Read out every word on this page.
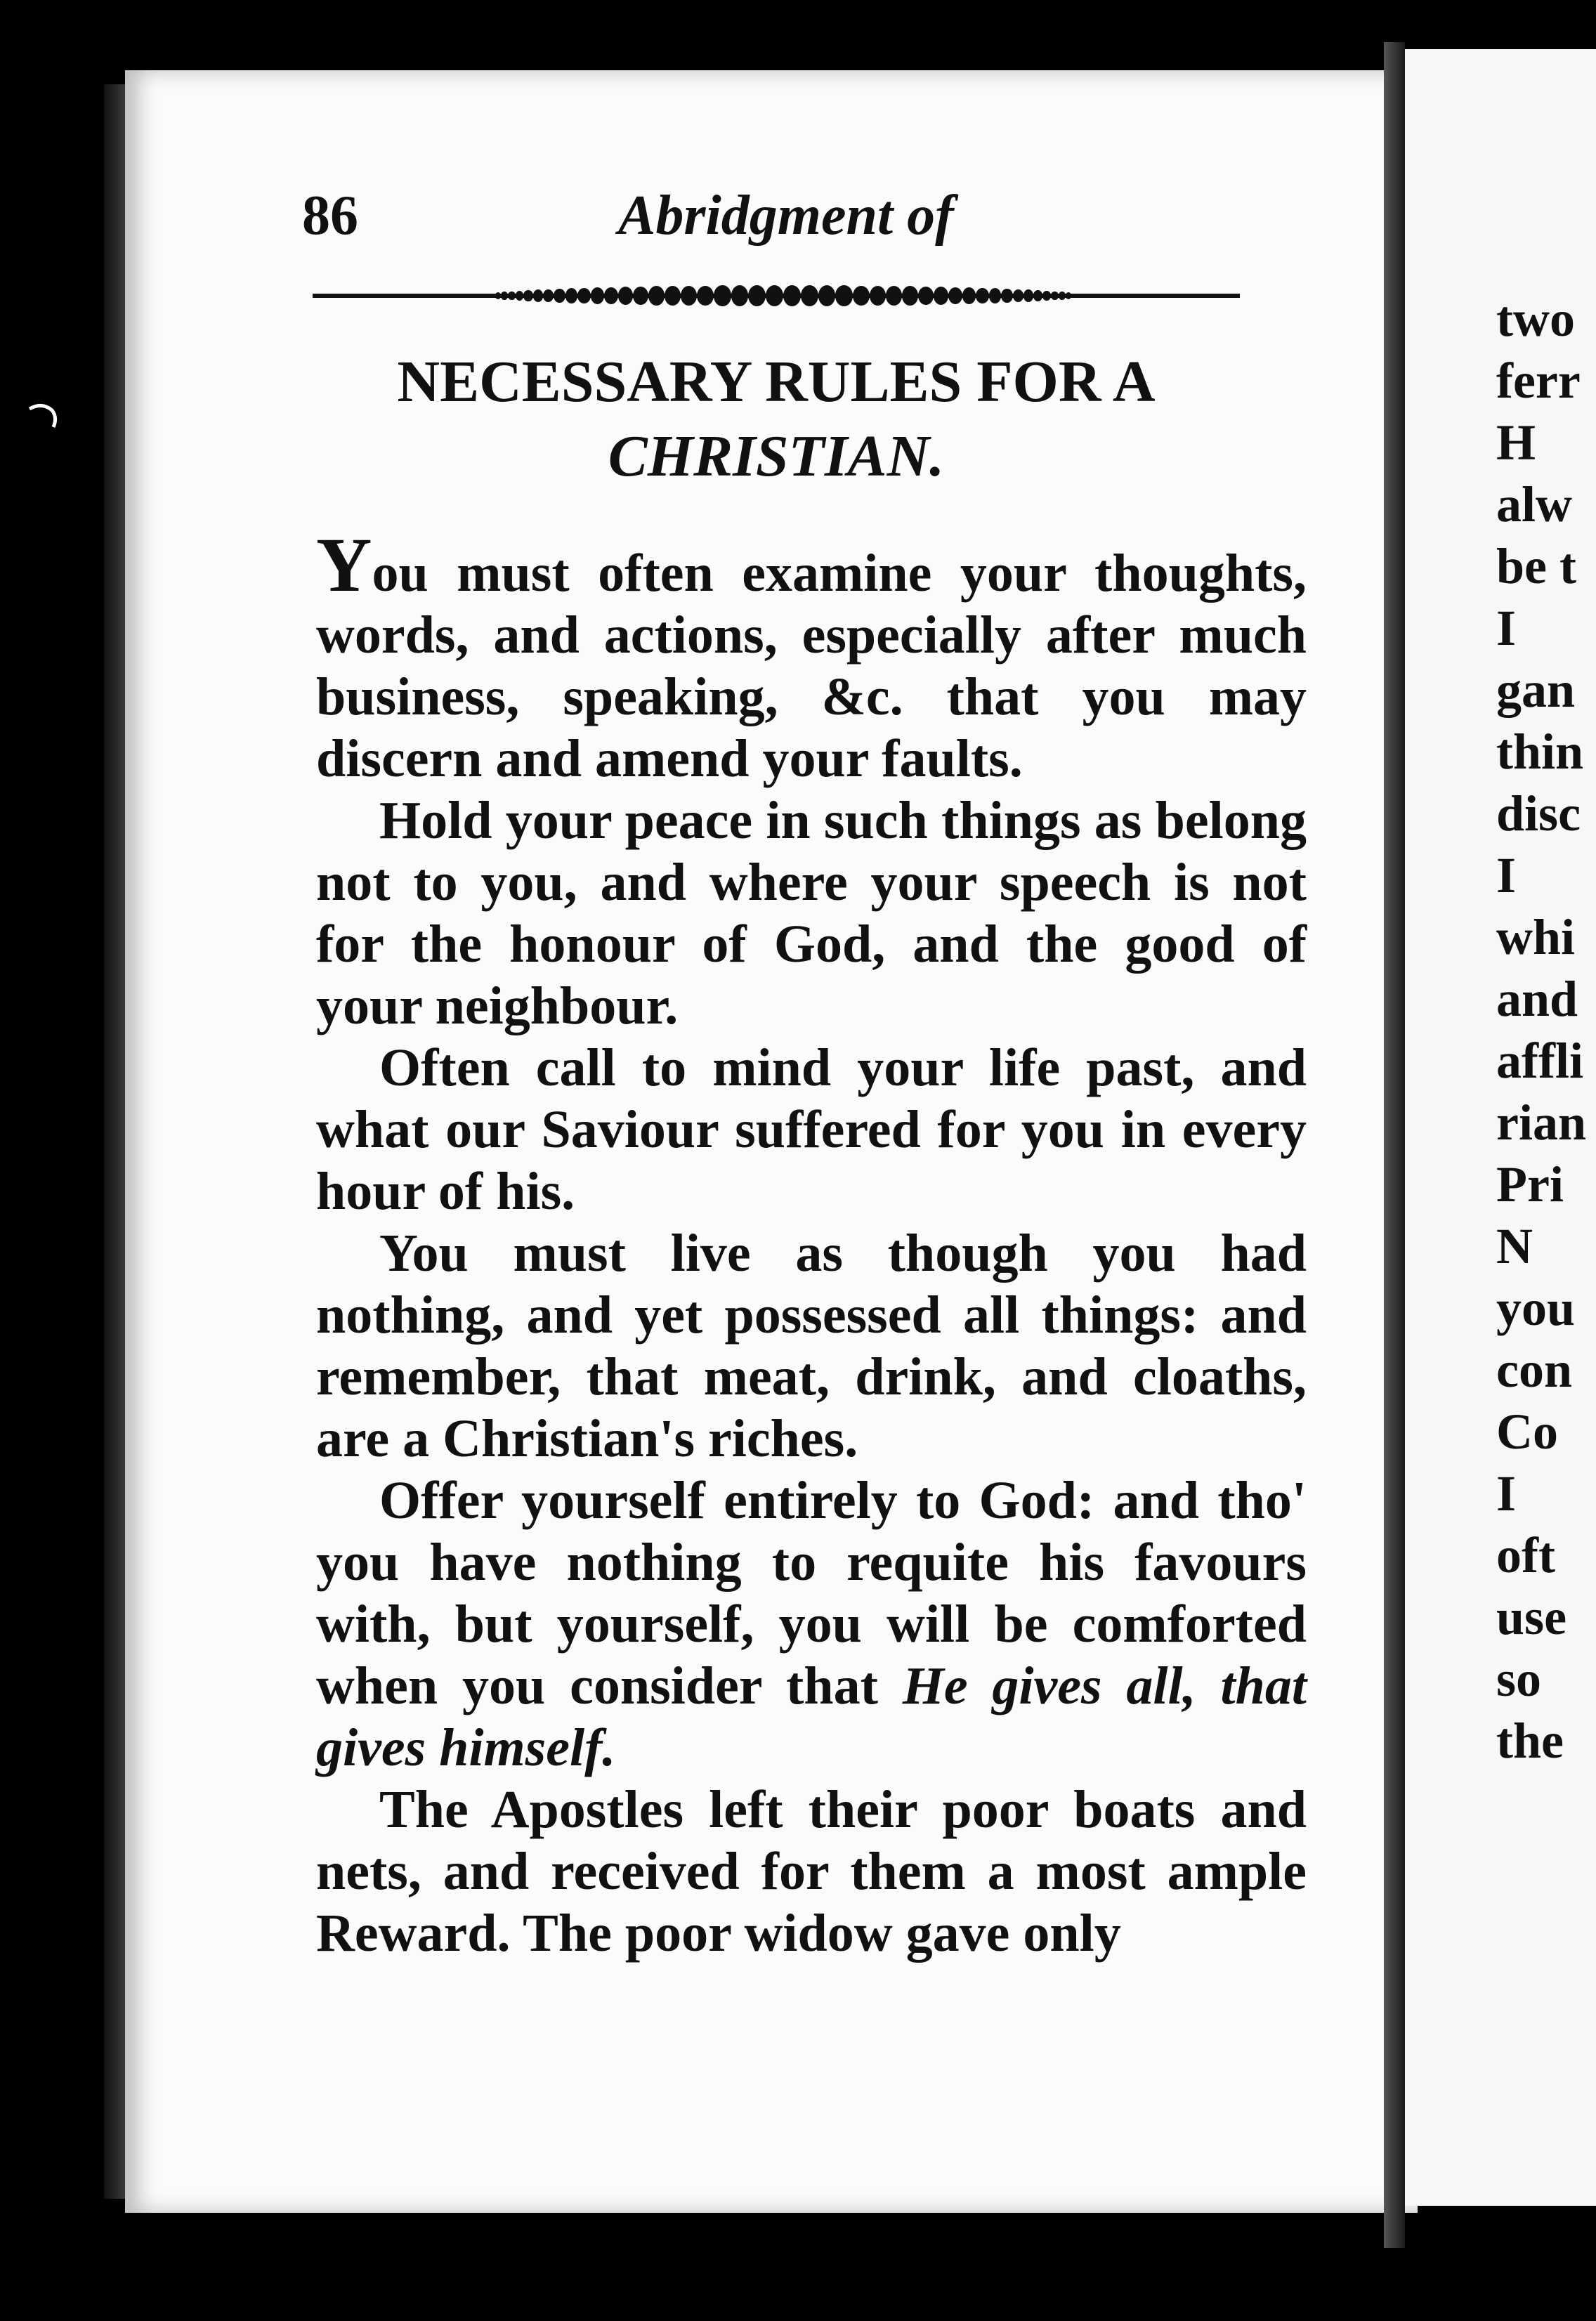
86	Abridgment of
NECESSARY RULES FOR A
CHRISTIAN.

You must often examine your thoughts, words, and actions, especially after much business, speaking, &c. that you may discern and amend your faults.

Hold your peace in such things as belong not to you, and where your speech is not for the honour of God, and the good of your neighbour.

Often call to mind your life past, and what our Saviour suffered for you in every hour of his.

You must live as though you had nothing, and yet possessed all things: and remember, that meat, drink, and cloaths, are a Christian's riches.

Offer yourself entirely to God: and tho' you have nothing to requite his favours with, but yourself, you will be comforted when you consider that He gives all, that gives himself.

The Apostles left their poor boats and nets, and received for them a most ample Reward. The poor widow gave only

two
ferr
H
alw
be t
I
gan
thin
disc
I
whi
and
affli
rian
Pri
N
you
con
Co
I
oft
use
so
the
